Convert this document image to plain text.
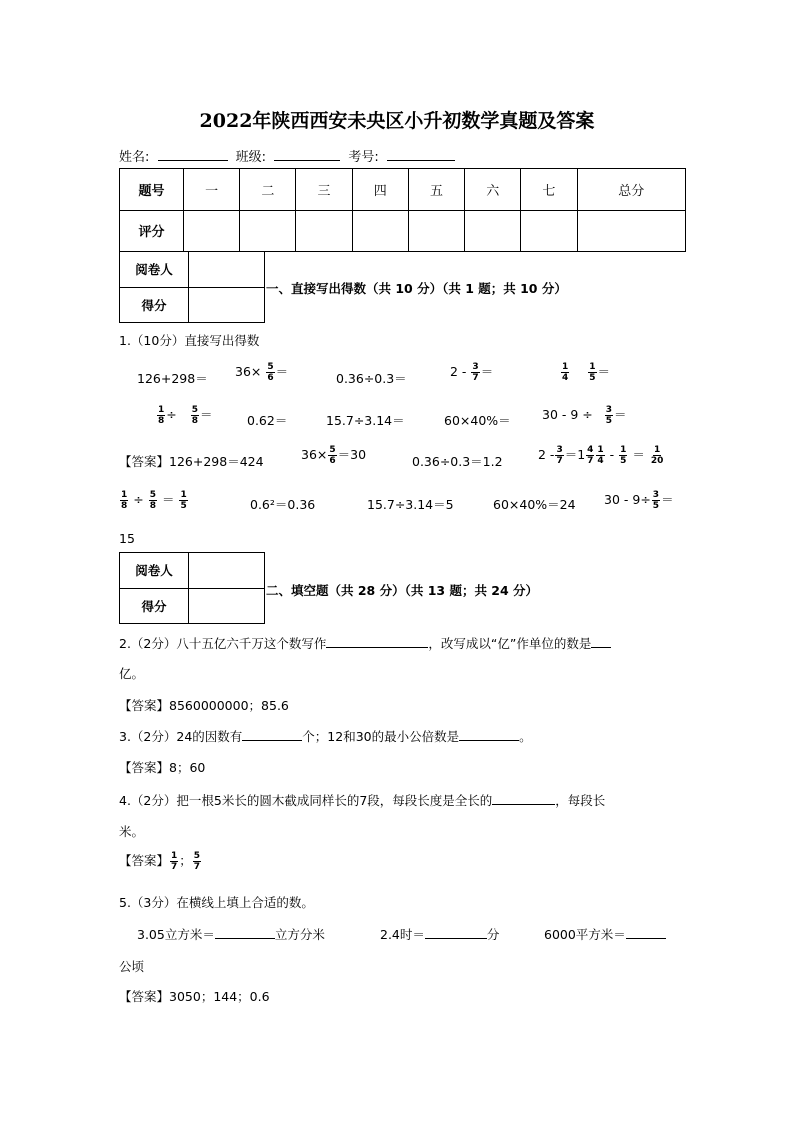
2022年陕西西安未央区小升初数学真题及答案
姓名:	班级:	考号:
题号	一	二	三	四	五	六	七	总分
评分								
阅卷人	
得分	
一、直接写出得数（共 10 分）（共 1 题；共 10 分）
1.（10分）直接写出得数
$126+298= 36\times \frac{5}{6}$ ＝	0.36÷0.3＝	$2 - \frac{3}{7}$ ＝	$\frac{1}{4}$
$\frac{1}{5}$ ＝
$\frac{1}{8} \div \frac{5}{8}$ ＝	0.62＝	15.7÷3.14＝	60×40%＝	$30 - 9 \div \frac{3}{5}$ ＝
【答案】126+298＝424	$36\times \frac{5}{6} =30$	0.36÷0.3＝1.2	$2 - \frac{3}{7} =1 \frac{4}{7} \frac{1}{4} - \frac{1}{5} = \frac{1}{20}$
$\frac{1}{8} \div \frac{5}{8} = \frac{1}{5}$	0.6²＝0.36	15.7÷3.14＝5	60×40%＝24 $30 - 9\div \frac{3}{5}$ ＝
15
阅卷人	
得分	
二、填空题（共 28 分）（共 13 题；共 24 分）
2.（2分）八十五亿六千万这个数写作	，改写成以“亿”作单位的数是
亿。
【答案】8560000000；85.6
3.（2分）24的因数有	个；12和30的最小公倍数是	。
【答案】8；60
4.（2分）把一根5米长的圆木截成同样长的7段，每段长度是全长的	，每段长
米。
【答案】 $\frac{1}{7}$ ； $\frac{5}{7}$
5.（3分）在横线上填上合适的数。
3.05立方米＝	立方分米	2.4时＝	分	6000平方米＝
公顷
【答案】3050；144；0.6
